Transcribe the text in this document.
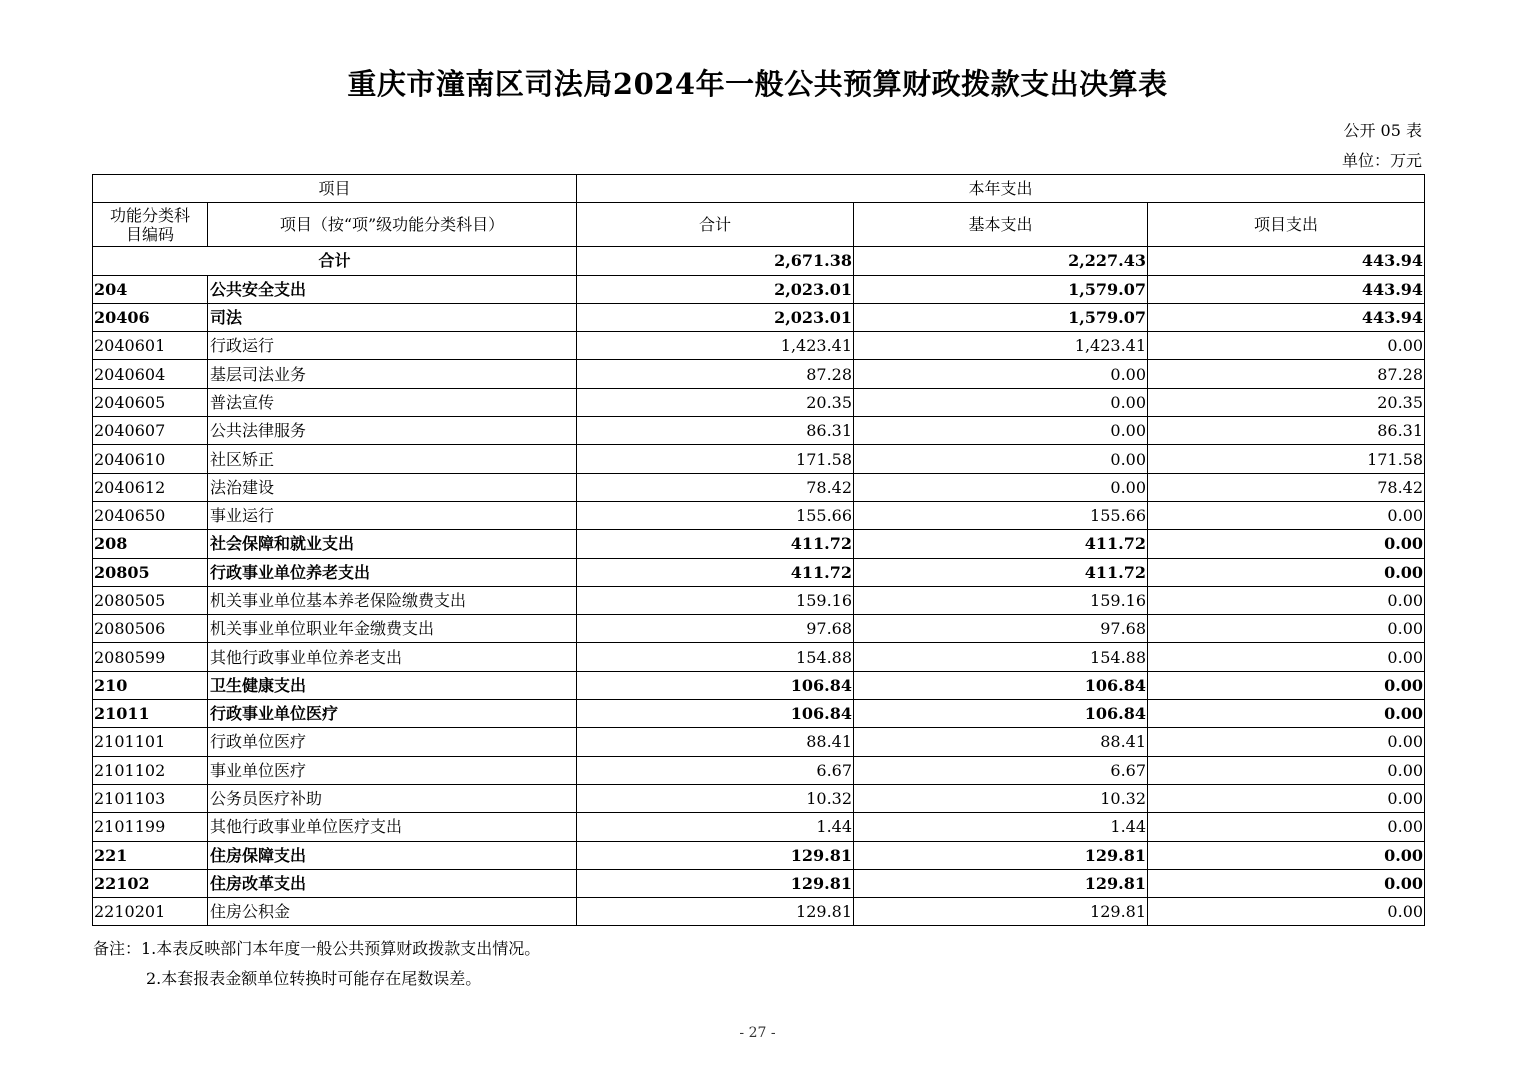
重庆市潼南区司法局2024年一般公共预算财政拨款支出决算表
公开 05 表
单位：万元
项目		本年支出		
功能分类科目编码	项目（按“项”级功能分类科目）	合计	基本支出	项目支出
合计		2,671.38	2,227.43	443.94
204	公共安全支出	2,023.01	1,579.07	443.94
20406	司法	2,023.01	1,579.07	443.94
2040601	行政运行	1,423.41	1,423.41	0.00
2040604	基层司法业务	87.28	0.00	87.28
2040605	普法宣传	20.35	0.00	20.35
2040607	公共法律服务	86.31	0.00	86.31
2040610	社区矫正	171.58	0.00	171.58
2040612	法治建设	78.42	0.00	78.42
2040650	事业运行	155.66	155.66	0.00
208	社会保障和就业支出	411.72	411.72	0.00
20805	行政事业单位养老支出	411.72	411.72	0.00
2080505	机关事业单位基本养老保险缴费支出	159.16	159.16	0.00
2080506	机关事业单位职业年金缴费支出	97.68	97.68	0.00
2080599	其他行政事业单位养老支出	154.88	154.88	0.00
210	卫生健康支出	106.84	106.84	0.00
21011	行政事业单位医疗	106.84	106.84	0.00
2101101	行政单位医疗	88.41	88.41	0.00
2101102	事业单位医疗	6.67	6.67	0.00
2101103	公务员医疗补助	10.32	10.32	0.00
2101199	其他行政事业单位医疗支出	1.44	1.44	0.00
221	住房保障支出	129.81	129.81	0.00
22102	住房改革支出	129.81	129.81	0.00
2210201	住房公积金	129.81	129.81	0.00
备注：1.本表反映部门本年度一般公共预算财政拨款支出情况。
2.本套报表金额单位转换时可能存在尾数误差。
- 27 -
